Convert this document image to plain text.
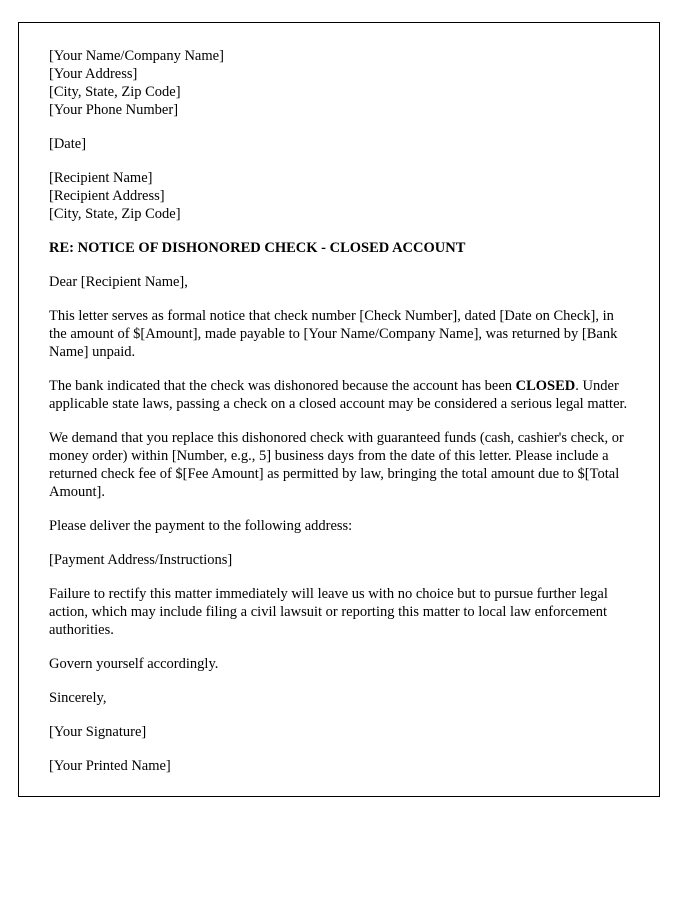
[Your Name/Company Name]

[Your Address]

[City, State, Zip Code]

[Your Phone Number]

[Date]

[Recipient Name]

[Recipient Address]

[City, State, Zip Code]

RE: NOTICE OF DISHONORED CHECK - CLOSED ACCOUNT

Dear [Recipient Name],

This letter serves as formal notice that check number [Check Number], dated [Date on Check], in the amount of $[Amount], made payable to [Your Name/Company Name], was returned by [Bank Name] unpaid.

The bank indicated that the check was dishonored because the account has been CLOSED. Under applicable state laws, passing a check on a closed account may be considered a serious legal matter.

We demand that you replace this dishonored check with guaranteed funds (cash, cashier's check, or money order) within [Number, e.g., 5] business days from the date of this letter. Please include a returned check fee of $[Fee Amount] as permitted by law, bringing the total amount due to $[Total Amount].

Please deliver the payment to the following address:

[Payment Address/Instructions]

Failure to rectify this matter immediately will leave us with no choice but to pursue further legal action, which may include filing a civil lawsuit or reporting this matter to local law enforcement authorities.

Govern yourself accordingly.

Sincerely,

[Your Signature]

[Your Printed Name]
